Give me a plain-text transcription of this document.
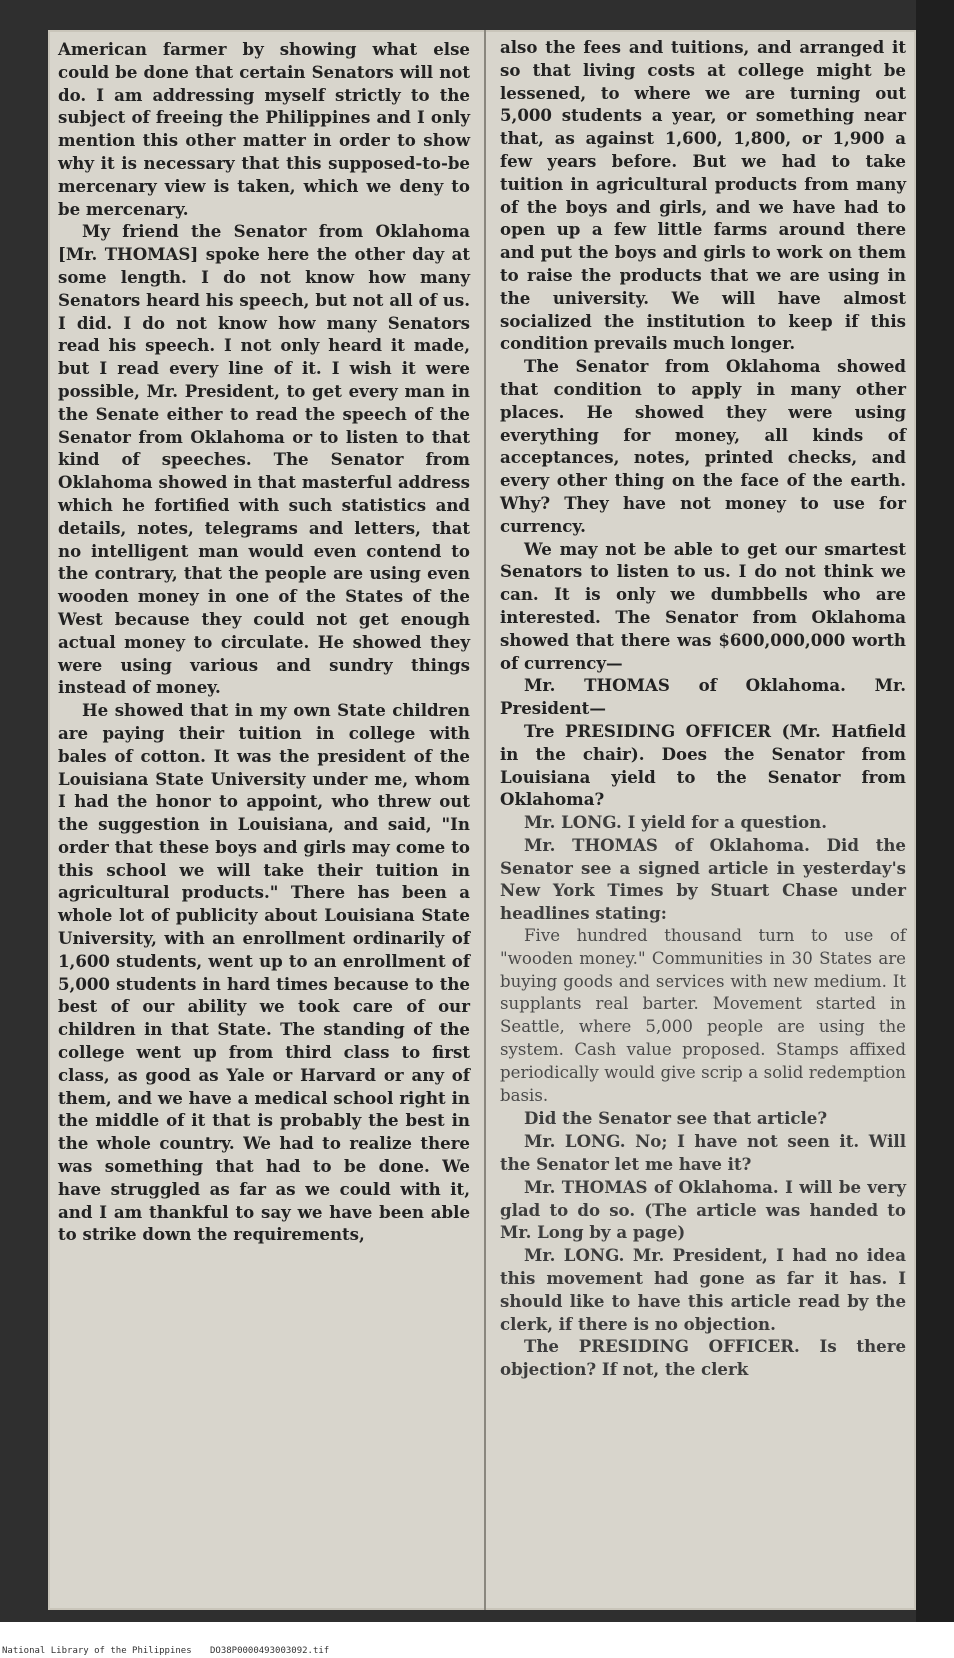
American farmer by showing what else could be done that certain Senators will not do. I am addressing myself strictly to the subject of freeing the Philippines and I only mention this other matter in order to show why it is necessary that this supposed-to-be mercenary view is taken, which we deny to be mercenary.

My friend the Senator from Oklahoma [Mr. THOMAS] spoke here the other day at some length. I do not know how many Senators heard his speech, but not all of us. I did. I do not know how many Senators read his speech. I not only heard it made, but I read every line of it. I wish it were possible, Mr. President, to get every man in the Senate either to read the speech of the Senator from Oklahoma or to listen to that kind of speeches. The Senator from Oklahoma showed in that masterful address which he fortified with such statistics and details, notes, telegrams and letters, that no intelligent man would even contend to the contrary, that the people are using even wooden money in one of the States of the West because they could not get enough actual money to circulate. He showed they were using various and sundry things instead of money.

He showed that in my own State children are paying their tuition in college with bales of cotton. It was the president of the Louisiana State University under me, whom I had the honor to appoint, who threw out the suggestion in Louisiana, and said, "In order that these boys and girls may come to this school we will take their tuition in agricultural products." There has been a whole lot of publicity about Louisiana State University, with an enrollment ordinarily of 1,600 students, went up to an enrollment of 5,000 students in hard times because to the best of our ability we took care of our children in that State. The standing of the college went up from third class to first class, as good as Yale or Harvard or any of them, and we have a medical school right in the middle of it that is probably the best in the whole country. We had to realize there was something that had to be done. We have struggled as far as we could with it, and I am thankful to say we have been able to strike down the requirements,

also the fees and tuitions, and arranged it so that living costs at college might be lessened, to where we are turning out 5,000 students a year, or something near that, as against 1,600, 1,800, or 1,900 a few years before. But we had to take tuition in agricultural products from many of the boys and girls, and we have had to open up a few little farms around there and put the boys and girls to work on them to raise the products that we are using in the university. We will have almost socialized the institution to keep if this condition prevails much longer.

The Senator from Oklahoma showed that condition to apply in many other places. He showed they were using everything for money, all kinds of acceptances, notes, printed checks, and every other thing on the face of the earth. Why? They have not money to use for currency.

We may not be able to get our smartest Senators to listen to us. I do not think we can. It is only we dumbbells who are interested. The Senator from Oklahoma showed that there was $600,000,000 worth of currency—

Mr. THOMAS of Oklahoma. Mr. President—

Tre PRESIDING OFFICER (Mr. Hatfield in the chair). Does the Senator from Louisiana yield to the Senator from Oklahoma?

Mr. LONG. I yield for a question.

Mr. THOMAS of Oklahoma. Did the Senator see a signed article in yesterday's New York Times by Stuart Chase under headlines stating:

Five hundred thousand turn to use of "wooden money." Communities in 30 States are buying goods and services with new medium. It supplants real barter. Movement started in Seattle, where 5,000 people are using the system. Cash value proposed. Stamps affixed periodically would give scrip a solid redemption basis.

Did the Senator see that article?

Mr. LONG. No; I have not seen it. Will the Senator let me have it?

Mr. THOMAS of Oklahoma. I will be very glad to do so. (The article was handed to Mr. Long by a page)

Mr. LONG. Mr. President, I had no idea this movement had gone as far it has. I should like to have this article read by the clerk, if there is no objection.

The PRESIDING OFFICER. Is there objection? If not, the clerk

National Library of the Philippines DO38P0000493003092.tif
